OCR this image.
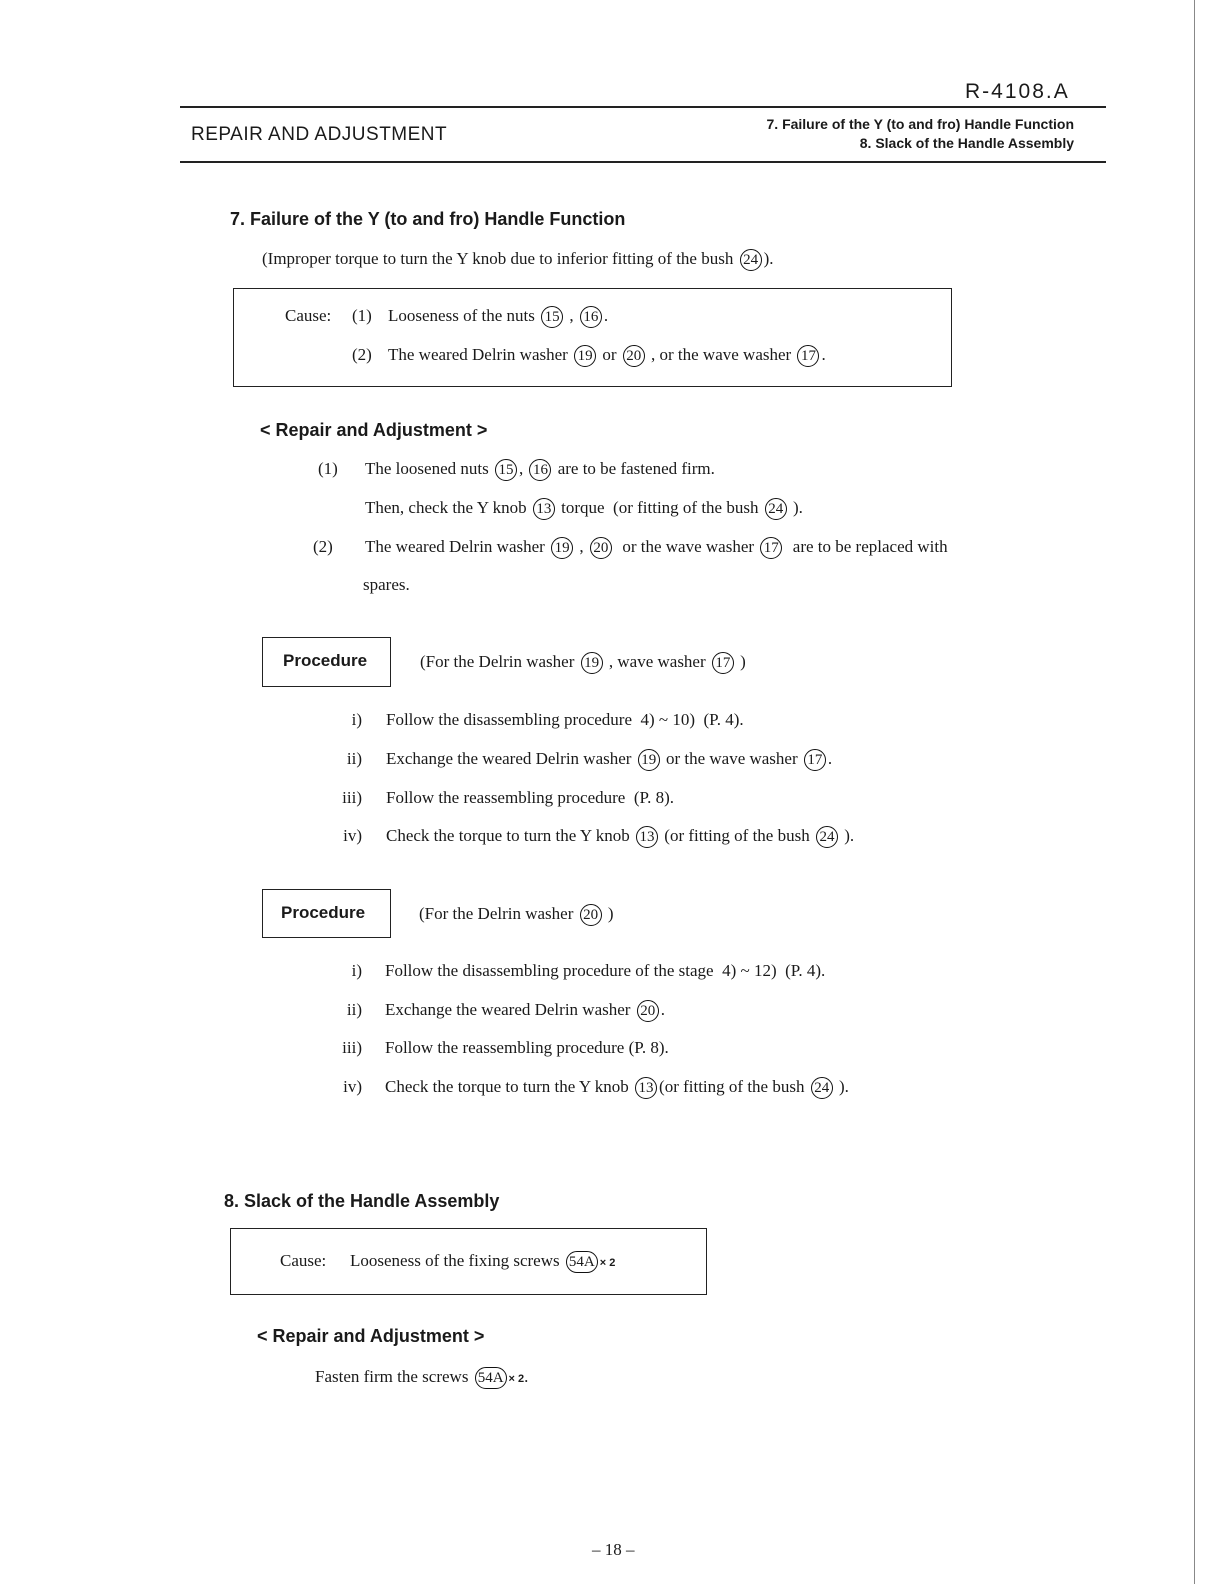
R-4108.A
REPAIR AND ADJUSTMENT	7. Failure of the Y (to and fro) Handle Function
8. Slack of the Handle Assembly
7. Failure of the Y (to and fro) Handle Function
(Improper torque to turn the Y knob due to inferior fitting of the bush 24 ).
Cause: (1) Looseness of the nuts 15 , 16 .
(2) The weared Delrin washer 19 or 20 , or the wave washer 17 .
< Repair and Adjustment >
(1) The loosened nuts 15 , 16 are to be fastened firm.
Then, check the Y knob 13 torque  (or fitting of the bush 24 ).
(2) The weared Delrin washer 19 , 20  or the wave washer 17  are to be replaced with
spares.
Procedure	(For the Delrin washer 19 , wave washer 17 )
i) Follow the disassembling procedure  4) ~ 10)  (P. 4).
ii) Exchange the weared Delrin washer 19 or the wave washer 17 .
iii) Follow the reassembling procedure  (P. 8).
iv) Check the torque to turn the Y knob 13 (or fitting of the bush 24 ).
Procedure	(For the Delrin washer 20 )
i) Follow the disassembling procedure of the stage  4) ~ 12)  (P. 4).
ii) Exchange the weared Delrin washer 20 .
iii) Follow the reassembling procedure (P. 8).
iv) Check the torque to turn the Y knob 13 (or fitting of the bush 24 ).
8. Slack of the Handle Assembly
Cause: Looseness of the fixing screws 54A × 2
< Repair and Adjustment >
Fasten firm the screws 54A × 2.
– 18 –
